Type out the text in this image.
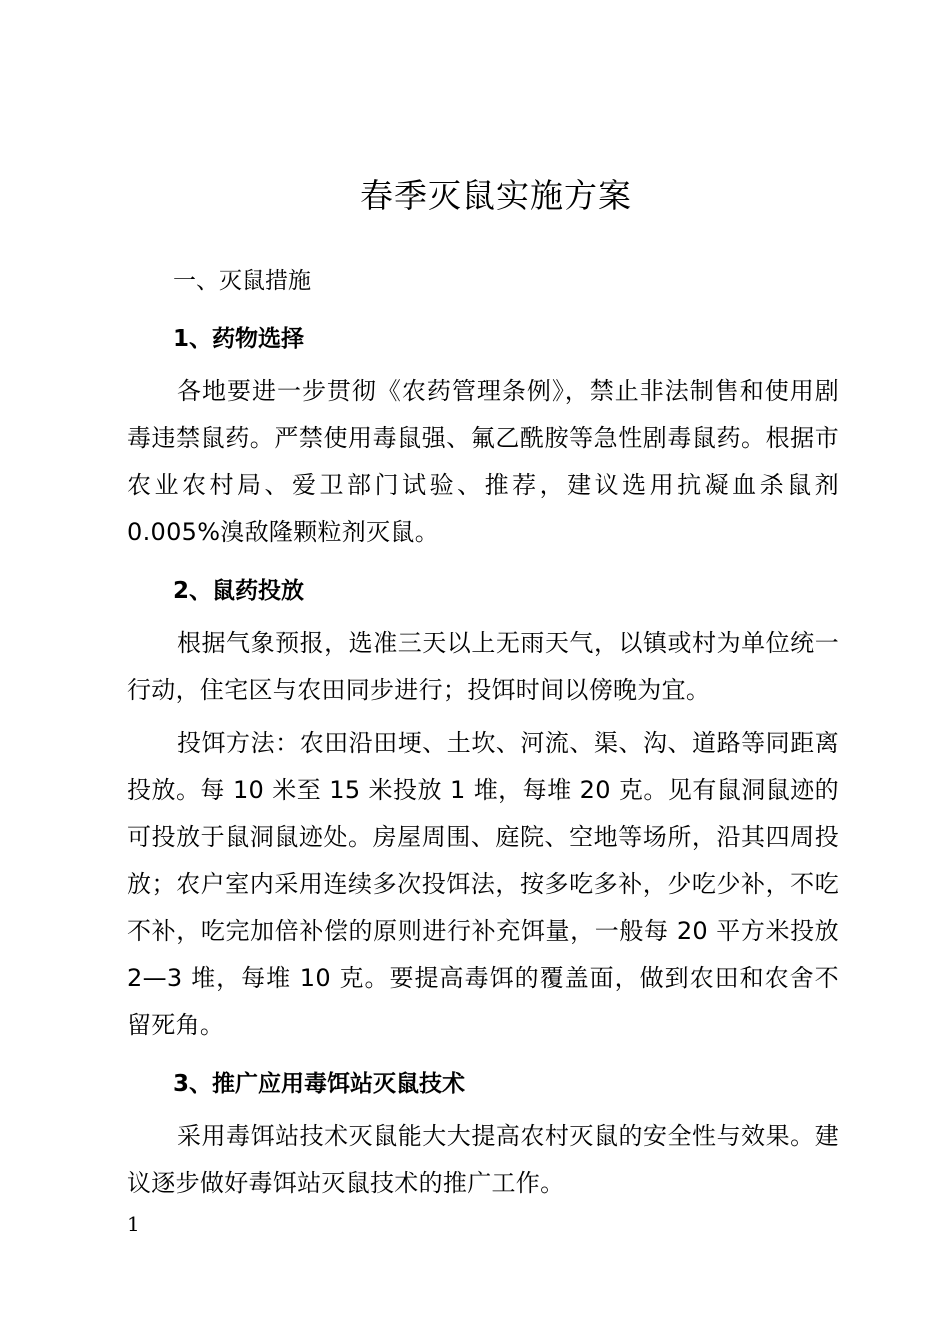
春季灭鼠实施方案
一、灭鼠措施
1、药物选择

各地要进一步贯彻《农药管理条例》，禁止非法制售和使用剧毒违禁鼠药。严禁使用毒鼠强、氟乙酰胺等急性剧毒鼠药。根据市农业农村局、爱卫部门试验、推荐，建议选用抗凝血杀鼠剂 0.005%溴敌隆颗粒剂灭鼠。

2、鼠药投放

根据气象预报，选准三天以上无雨天气，以镇或村为单位统一行动，住宅区与农田同步进行；投饵时间以傍晚为宜。

投饵方法：农田沿田埂、土坎、河流、渠、沟、道路等同距离投放。每 10 米至 15 米投放 1 堆，每堆 20 克。见有鼠洞鼠迹的可投放于鼠洞鼠迹处。房屋周围、庭院、空地等场所，沿其四周投放；农户室内采用连续多次投饵法，按多吃多补，少吃少补，不吃不补，吃完加倍补偿的原则进行补充饵量，一般每 20 平方米投放 2—3 堆，每堆 10 克。要提高毒饵的覆盖面，做到农田和农舍不留死角。

3、推广应用毒饵站灭鼠技术

采用毒饵站技术灭鼠能大大提高农村灭鼠的安全性与效果。建议逐步做好毒饵站灭鼠技术的推广工作。

1
